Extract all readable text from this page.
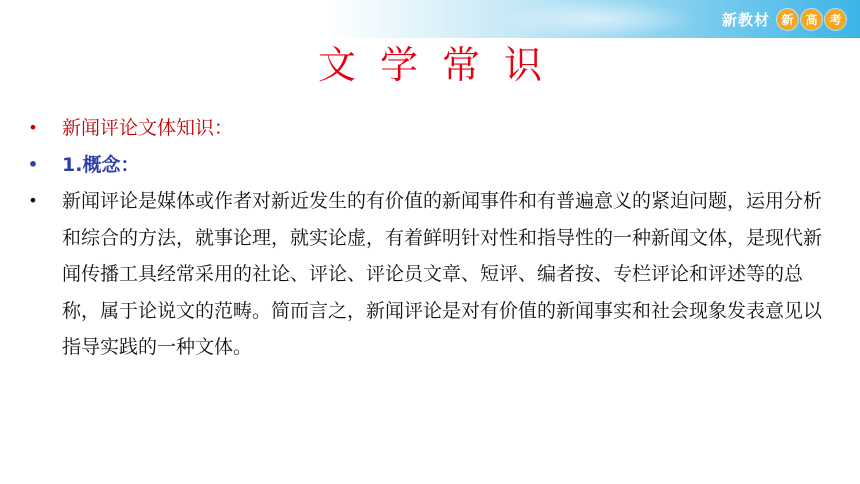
新教材 新 高 考
文学常识
• 新闻评论文体知识：
• 1.概念：
• 新闻评论是媒体或作者对新近发生的有价值的新闻事件和有普遍意义的紧迫问题，运用分析和综合的方法，就事论理，就实论虚，有着鲜明针对性和指导性的一种新闻文体，是现代新闻传播工具经常采用的社论、评论、评论员文章、短评、编者按、专栏评论和评述等的总称，属于论说文的范畴。简而言之，新闻评论是对有价值的新闻事实和社会现象发表意见以指导实践的一种文体。
